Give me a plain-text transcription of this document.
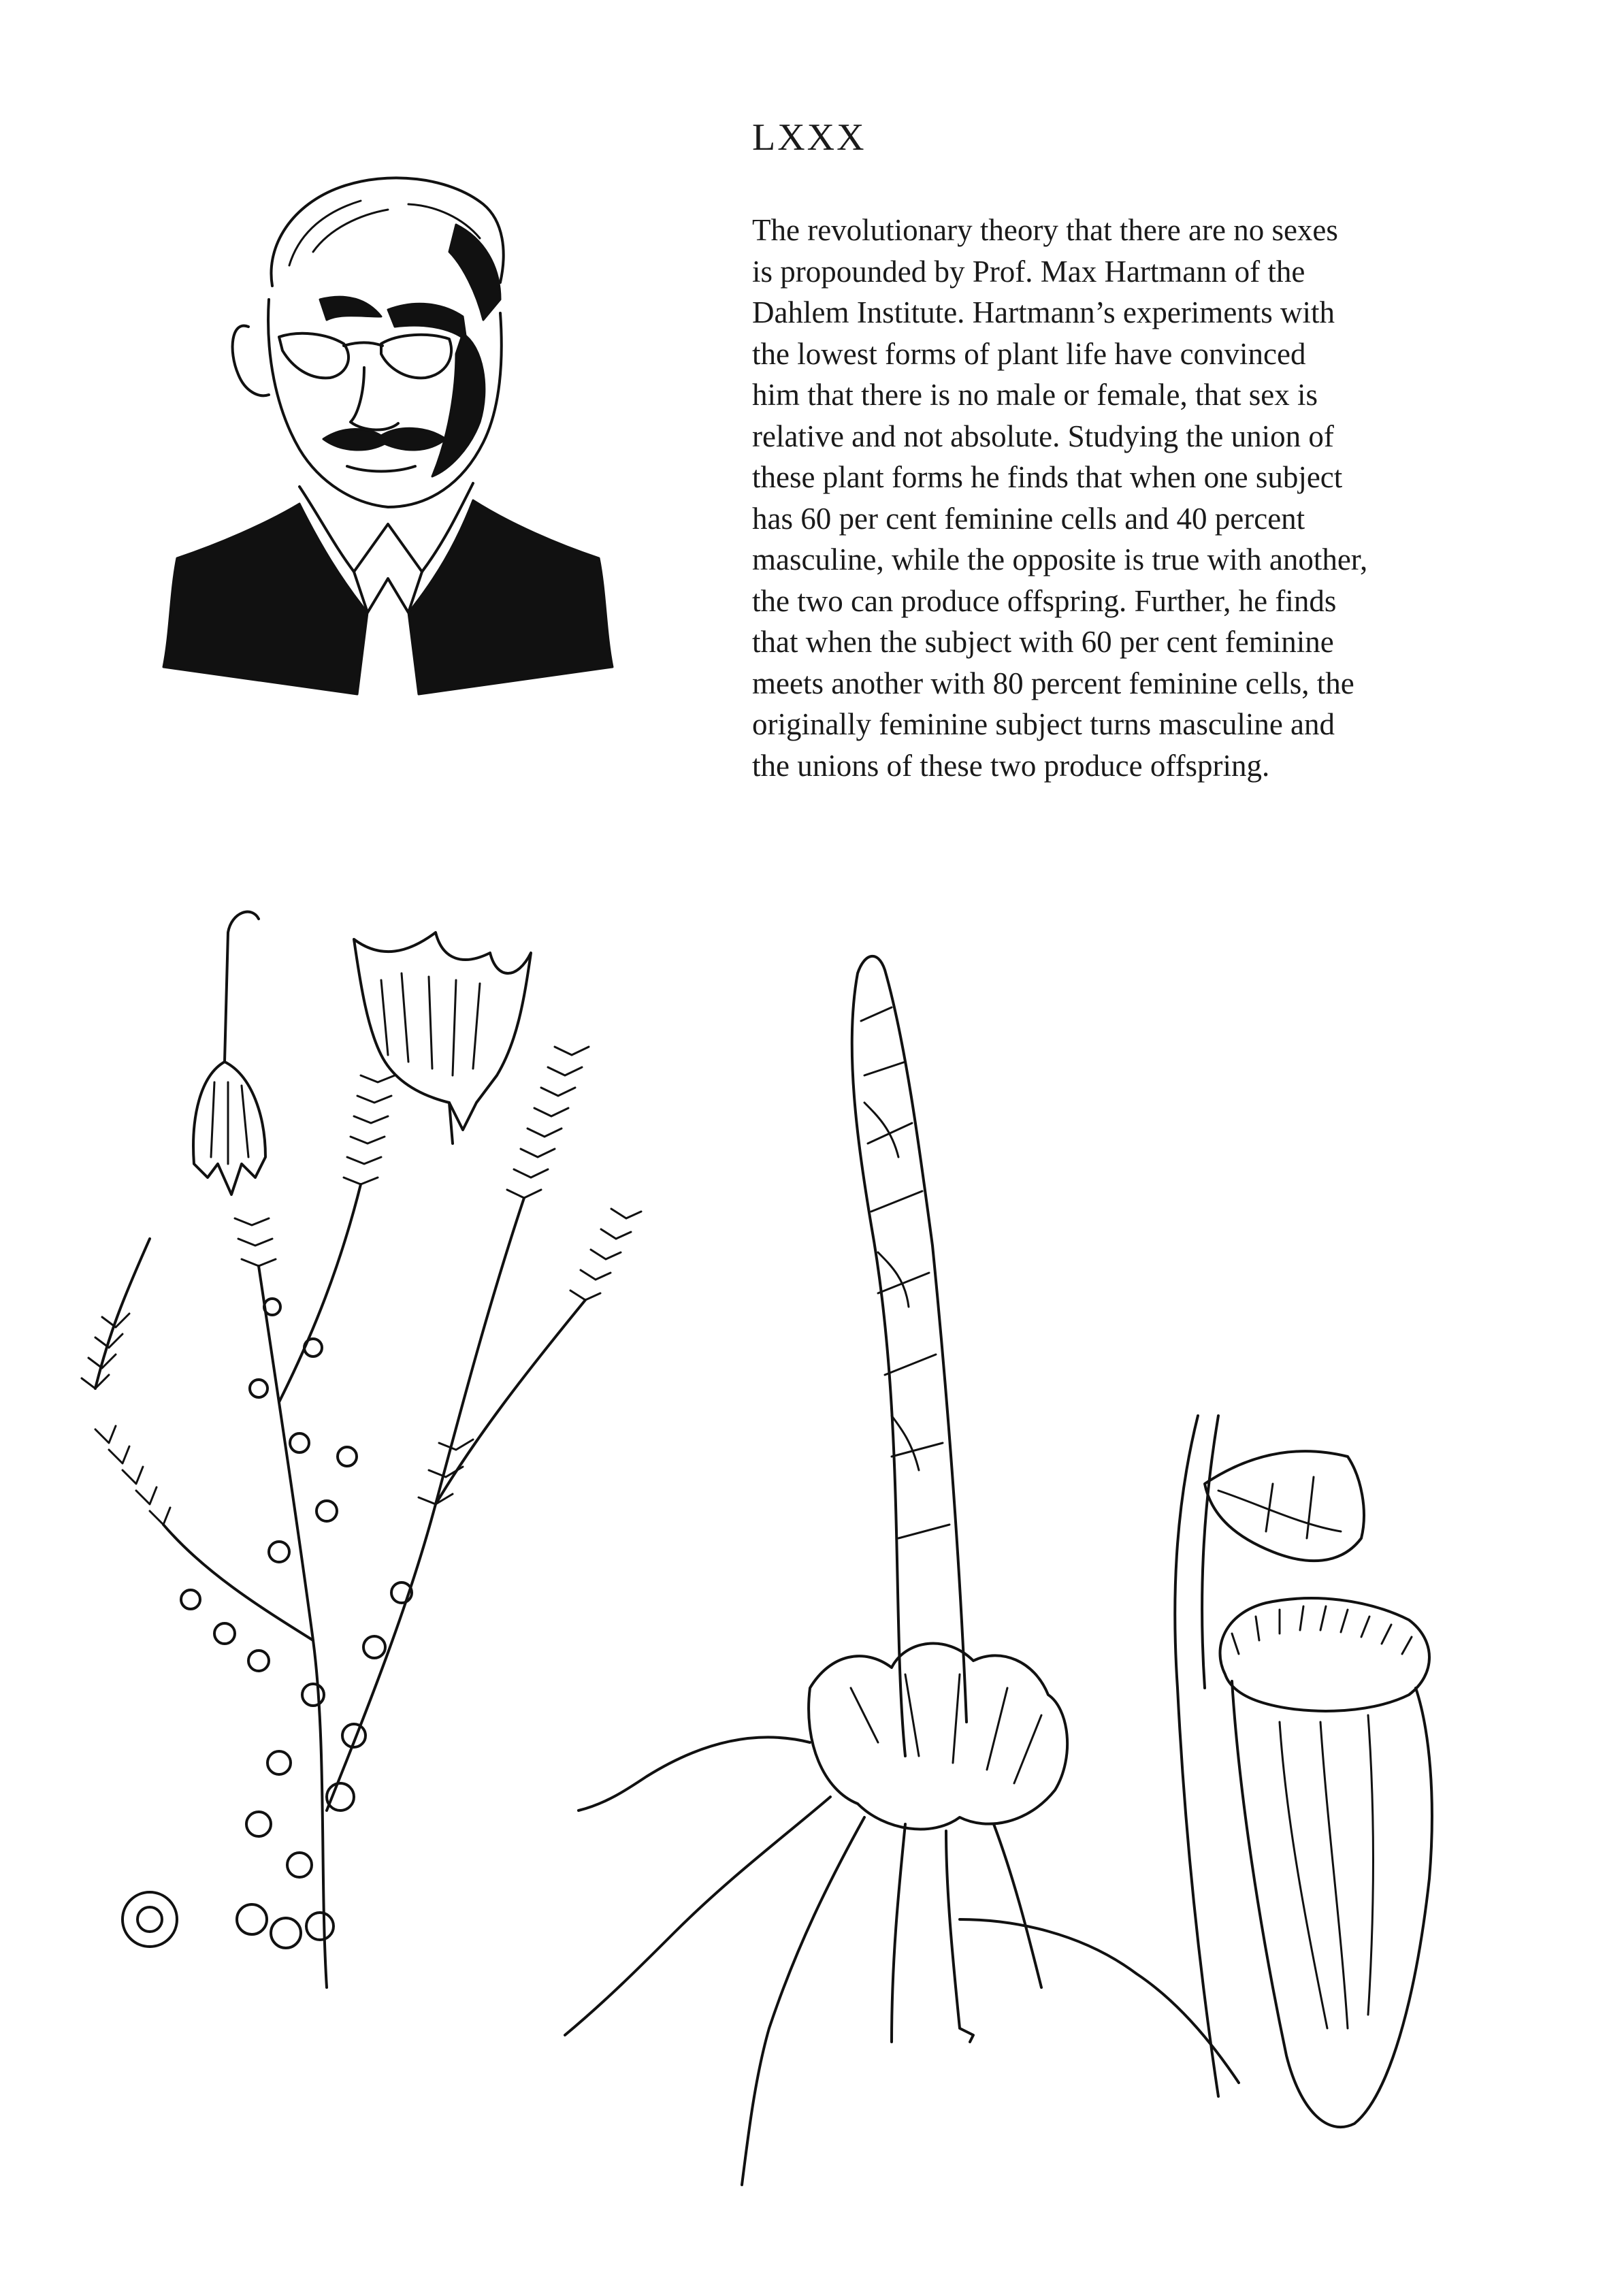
LXXX

The revolutionary theory that there are no sexes
is propounded by Prof. Max Hartmann of the
Dahlem Institute. Hartmann’s experiments with
the lowest forms of plant life have convinced
him that there is no male or female, that sex is
relative and not absolute. Studying the union of
these plant forms he finds that when one subject
has 60 per cent feminine cells and 40 percent
masculine, while the opposite is true with another,
the two can produce offspring. Further, he finds
that when the subject with 60 per cent feminine
meets another with 80 percent feminine cells, the
originally feminine subject turns masculine and
the unions of these two produce offspring.
